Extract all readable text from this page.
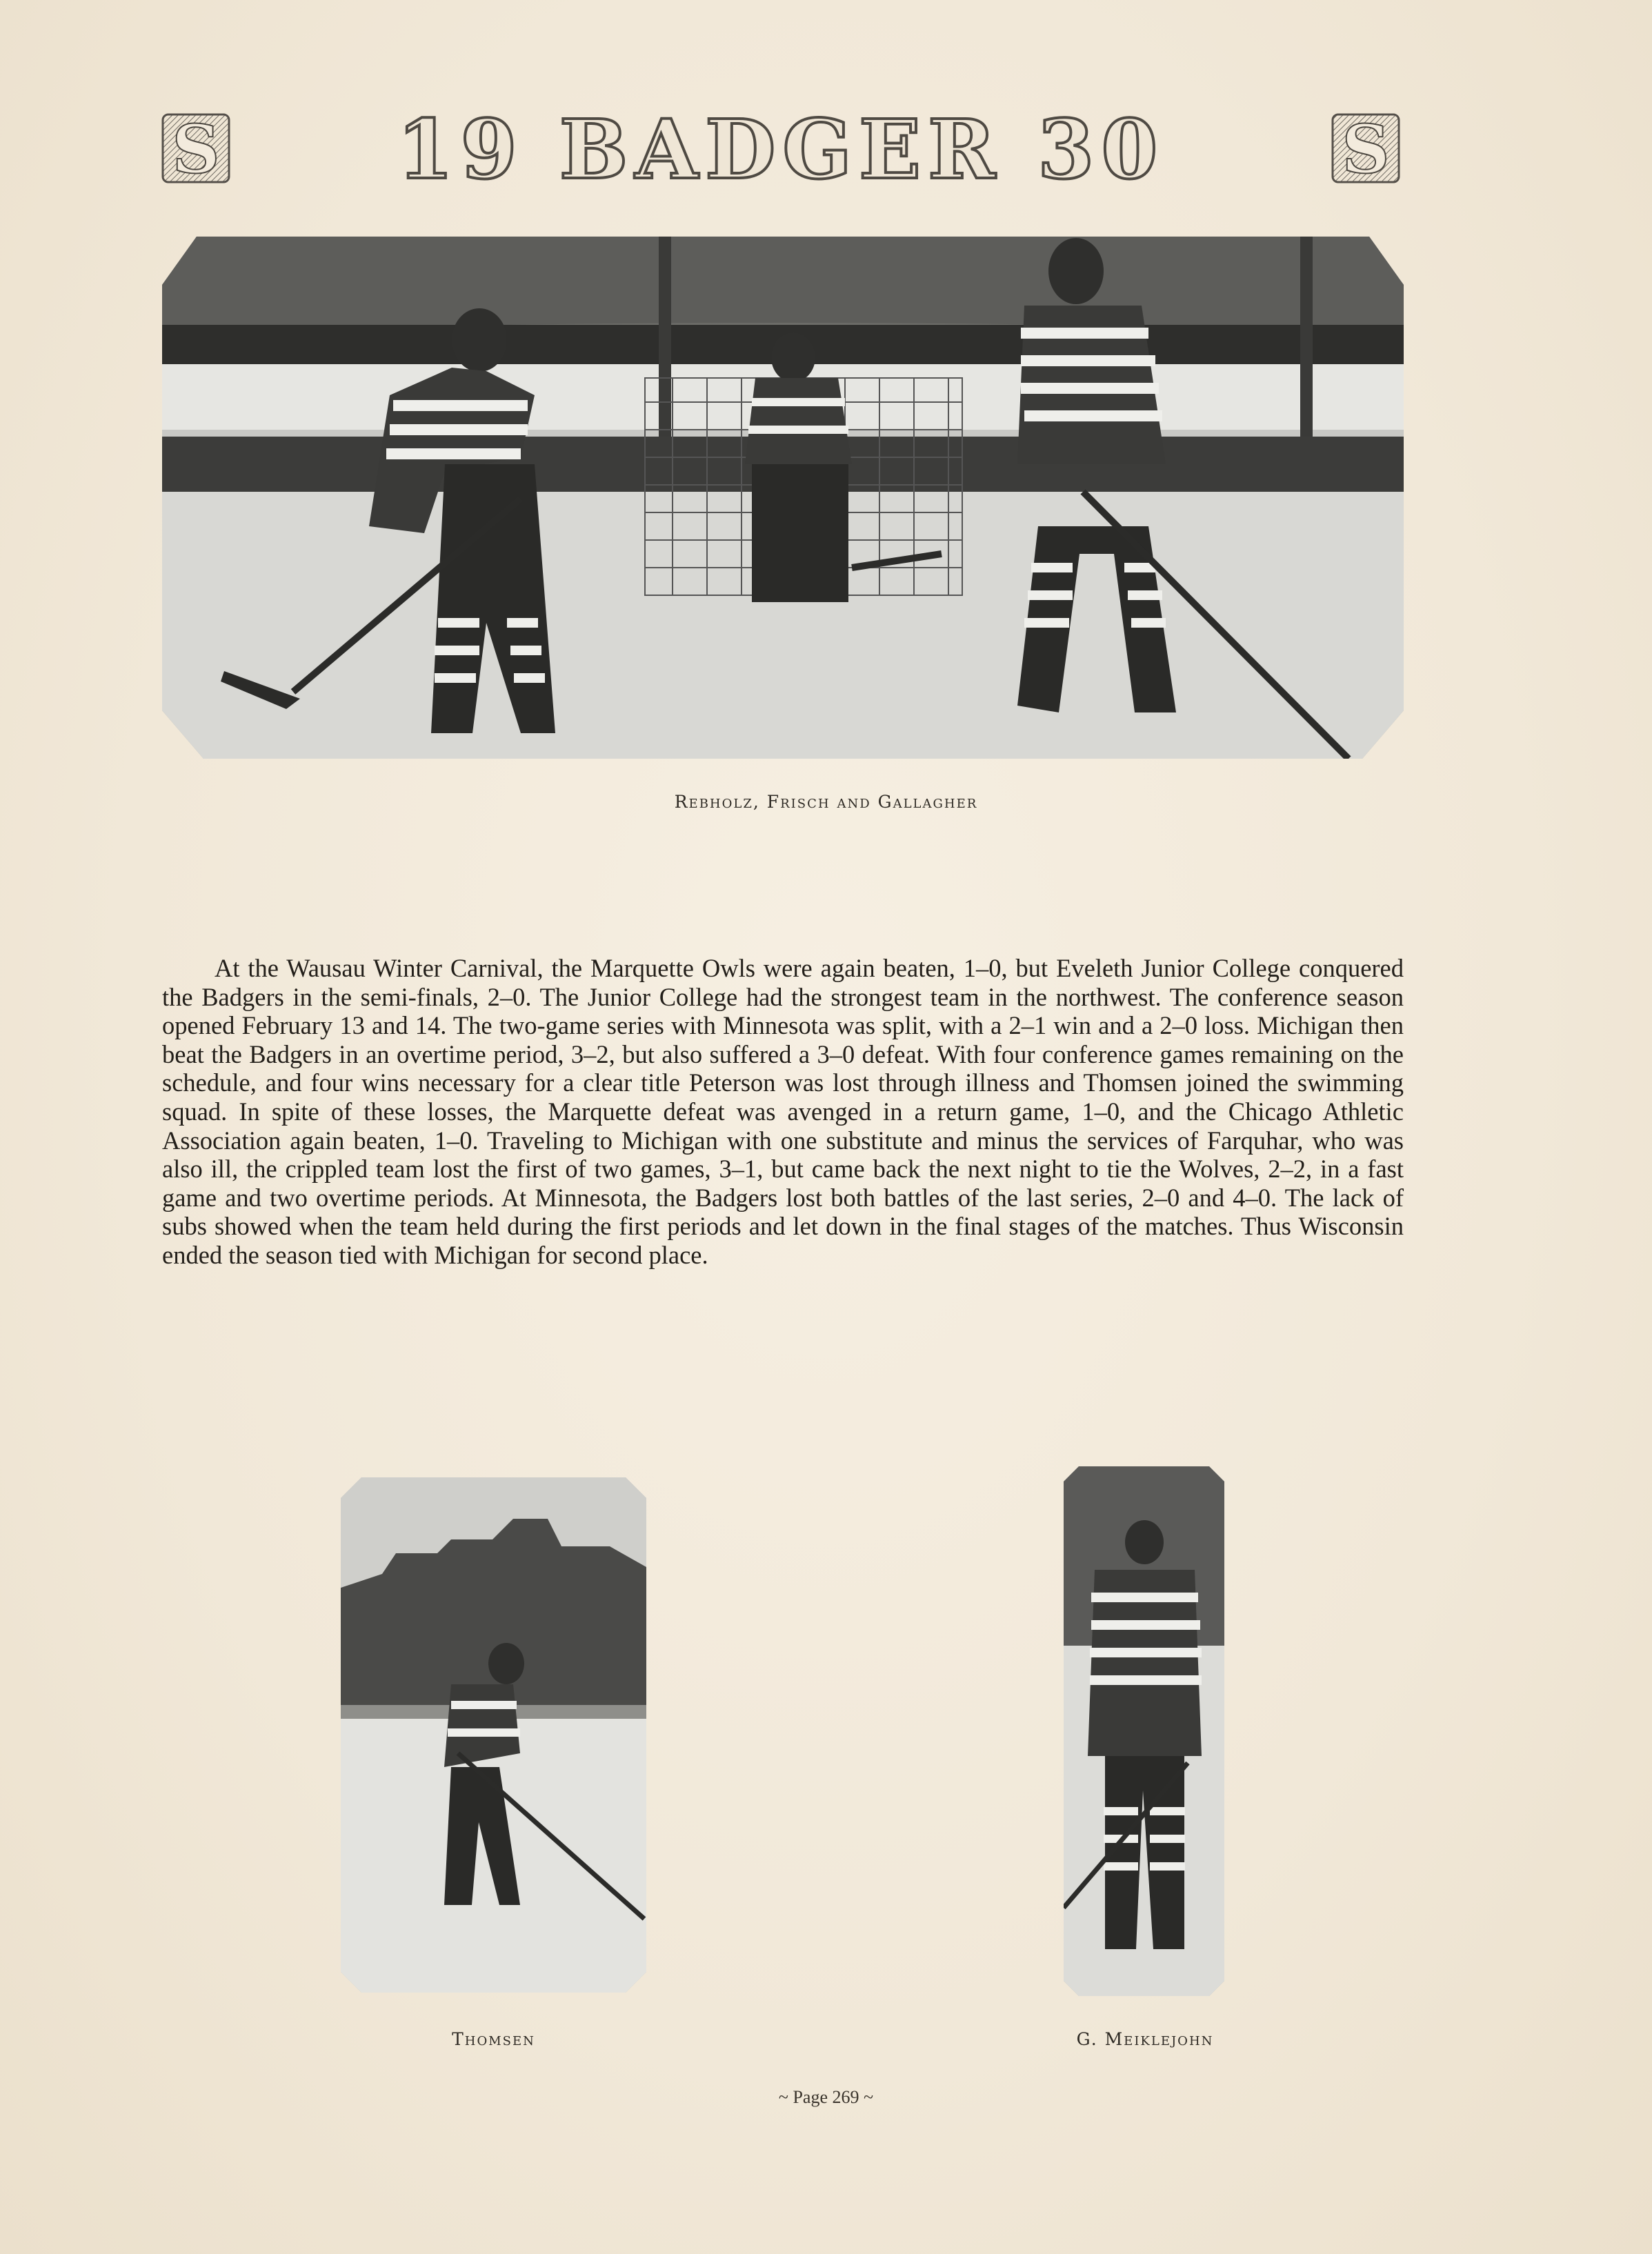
S	S
19 BADGER 30
Rebholz, Frisch and Gallagher
At the Wausau Winter Carnival, the Marquette Owls were again beaten, 1–0, but Eveleth Junior College conquered the Badgers in the semi-finals, 2–0. The Junior College had the strongest team in the northwest. The conference season opened February 13 and 14. The two-game series with Minnesota was split, with a 2–1 win and a 2–0 loss. Michigan then beat the Badgers in an overtime period, 3–2, but also suffered a 3–0 defeat. With four conference games remaining on the schedule, and four wins necessary for a clear title Peterson was lost through illness and Thomsen joined the swimming squad. In spite of these losses, the Marquette defeat was avenged in a return game, 1–0, and the Chicago Athletic Association again beaten, 1–0. Traveling to Michigan with one substitute and minus the services of Farquhar, who was also ill, the crippled team lost the first of two games, 3–1, but came back the next night to tie the Wolves, 2–2, in a fast game and two overtime periods. At Minnesota, the Badgers lost both battles of the last series, 2–0 and 4–0. The lack of subs showed when the team held during the first periods and let down in the final stages of the matches. Thus Wisconsin ended the season tied with Michigan for second place.
Thomsen	G. Meiklejohn
~ Page 269 ~
